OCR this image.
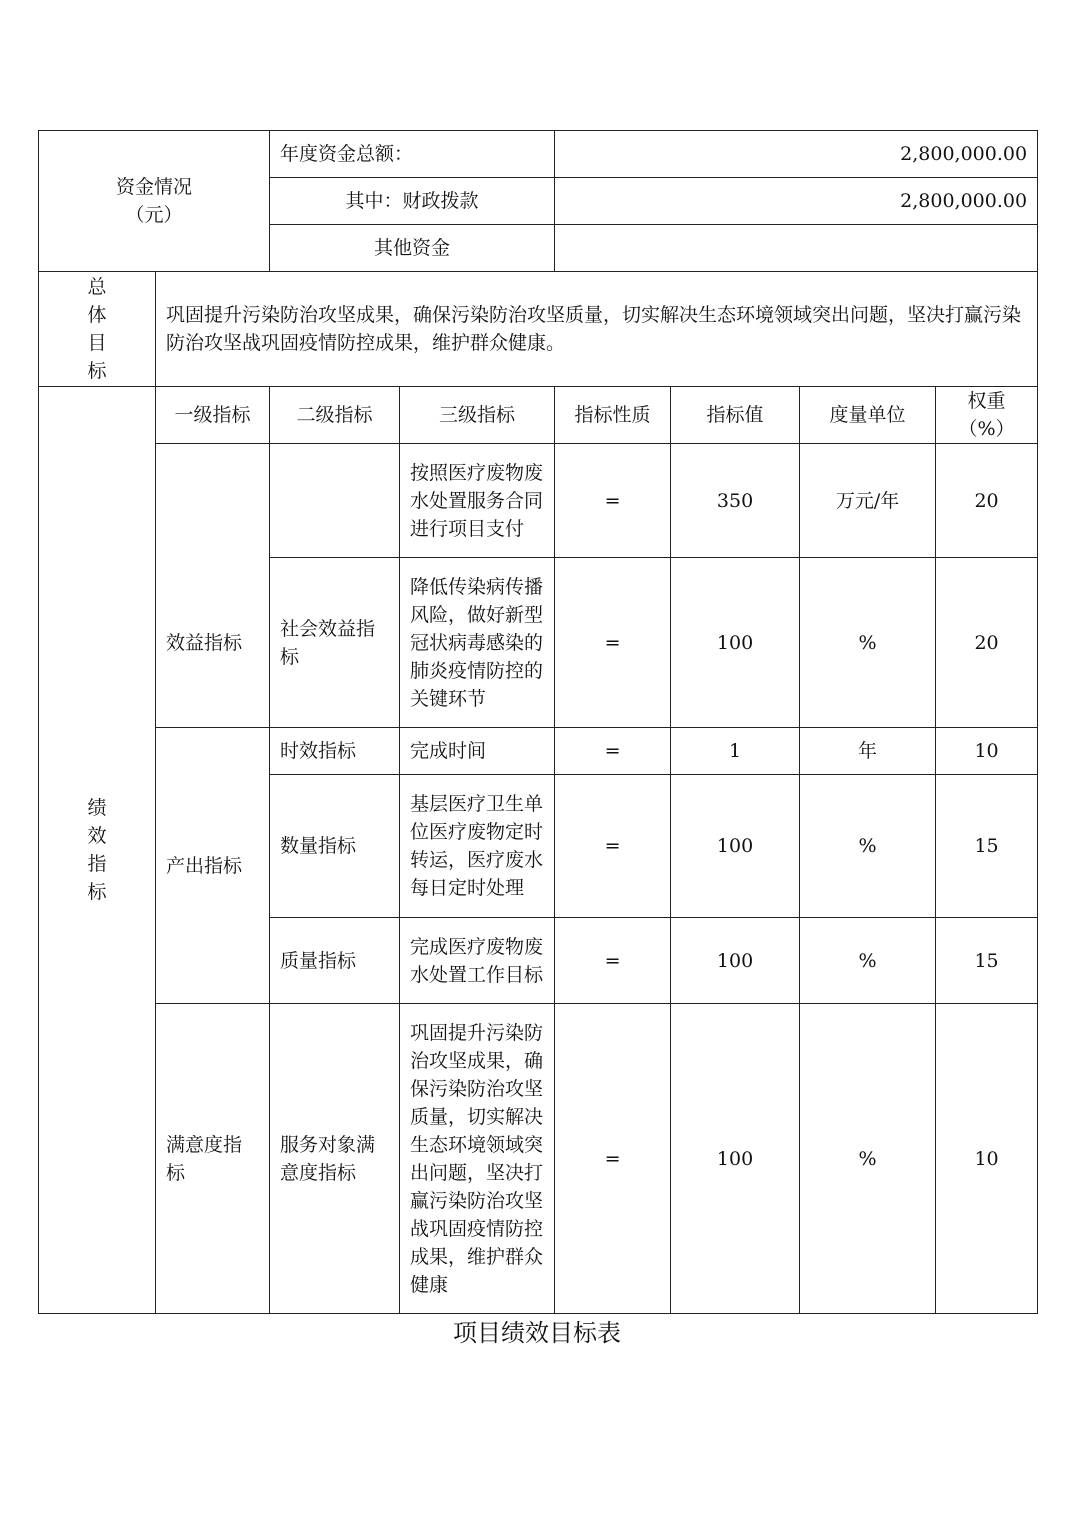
资金情况
（元）		年度资金总额：		2,800,000.00			
		其中：财政拨款		2,800,000.00			
		其他资金					

总
体
目
标	巩固提升污染防治攻坚成果，确保污染防治攻坚质量，切实解决生态环境领域突出问题，坚决打赢污染防治攻坚战巩固疫情防控成果，维护群众健康。						

绩
效
指
标	一级指标	二级指标	三级指标	指标性质	指标值	度量单位	权重（%）
	效益指标		按照医疗废物废水处置服务合同进行项目支付	=	350	万元/年	20
		社会效益指标	降低传染病传播风险，做好新型冠状病毒感染的肺炎疫情防控的关键环节	=	100	%	20
	产出指标	时效指标	完成时间	=	1	年	10
		数量指标	基层医疗卫生单位医疗废物定时转运，医疗废水每日定时处理	=	100	%	15
		质量指标	完成医疗废物废水处置工作目标	=	100	%	15
	满意度指标	服务对象满意度指标	巩固提升污染防治攻坚成果，确保污染防治攻坚质量，切实解决生态环境领域突出问题，坚决打赢污染防治攻坚战巩固疫情防控成果，维护群众健康	=	100	%	10
项目绩效目标表
